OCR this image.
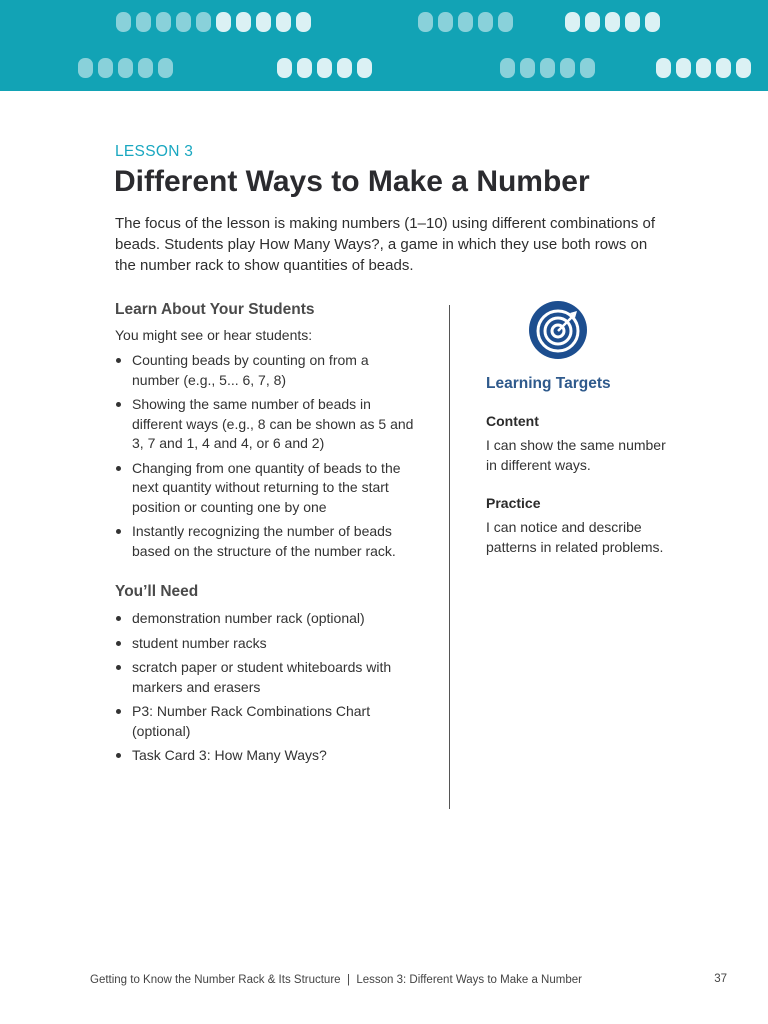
LESSON 3
Different Ways to Make a Number

The focus of the lesson is making numbers (1–10) using different combinations of beads. Students play How Many Ways?, a game in which they use both rows on the number rack to show quantities of beads.

Learn About Your Students

You might see or hear students:

Counting beads by counting on from a number (e.g., 5... 6, 7, 8)
Showing the same number of beads in different ways (e.g., 8 can be shown as 5 and 3, 7 and 1, 4 and 4, or 6 and 2)
Changing from one quantity of beads to the next quantity without returning to the start position or counting one by one
Instantly recognizing the number of beads based on the structure of the number rack.
You’ll Need
demonstration number rack (optional)
student number racks
scratch paper or student whiteboards with markers and erasers
P3: Number Rack Combinations Chart (optional)
Task Card 3: How Many Ways?
Learning Targets
Content

I can show the same number in different ways.

Practice

I can notice and describe patterns in related problems.

Getting to Know the Number Rack & Its Structure  |  Lesson 3: Different Ways to Make a Number	37
